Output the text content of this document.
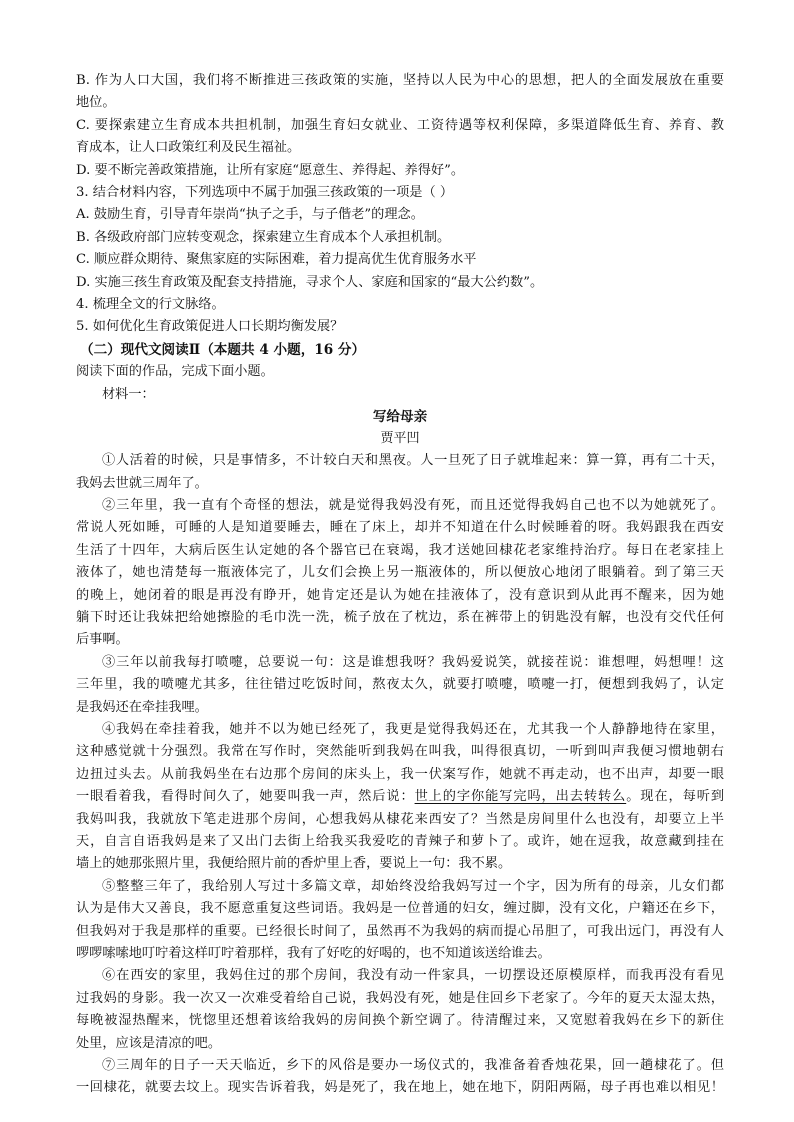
B. 作为人口大国，我们将不断推进三孩政策的实施，坚持以人民为中心的思想，把人的全面发展放在重要

地位。

C. 要探索建立生育成本共担机制，加强生育妇女就业、工资待遇等权利保障，多渠道降低生育、养育、教

育成本，让人口政策红利及民生福祉。

D. 要不断完善政策措施，让所有家庭“愿意生、养得起、养得好”。

3. 结合材料内容，下列选项中不属于加强三孩政策的一项是（ ）

A. 鼓励生育，引导青年崇尚“执子之手，与子偕老”的理念。

B. 各级政府部门应转变观念，探索建立生育成本个人承担机制。

C. 顺应群众期待、聚焦家庭的实际困难，着力提高优生优育服务水平

D. 实施三孩生育政策及配套支持措施，寻求个人、家庭和国家的“最大公约数”。

4. 梳理全文的行文脉络。

5. 如何优化生育政策促进人口长期均衡发展？

（二）现代文阅读Ⅱ（本题共 4 小题，16 分）

阅读下面的作品，完成下面小题。

材料一：

写给母亲

贾平凹

①人活着的时候，只是事情多，不计较白天和黑夜。人一旦死了日子就堆起来：算一算，再有二十天，

我妈去世就三周年了。

②三年里，我一直有个奇怪的想法，就是觉得我妈没有死，而且还觉得我妈自己也不以为她就死了。

常说人死如睡，可睡的人是知道要睡去，睡在了床上，却并不知道在什么时候睡着的呀。我妈跟我在西安

生活了十四年，大病后医生认定她的各个器官已在衰竭，我才送她回棣花老家维持治疗。每日在老家挂上

液体了，她也清楚每一瓶液体完了，儿女们会换上另一瓶液体的，所以便放心地闭了眼躺着。到了第三天

的晚上，她闭着的眼是再没有睁开，她肯定还是认为她在挂液体了，没有意识到从此再不醒来，因为她

躺下时还让我妹把给她擦脸的毛巾洗一洗，梳子放在了枕边，系在裤带上的钥匙没有解，也没有交代任何

后事啊。

③三年以前我每打喷嚏，总要说一句：这是谁想我呀？我妈爱说笑，就接茬说：谁想哩，妈想哩！这

三年里，我的喷嚏尤其多，往往错过吃饭时间，熬夜太久，就要打喷嚏，喷嚏一打，便想到我妈了，认定

是我妈还在牵挂我哩。

④我妈在牵挂着我，她并不以为她已经死了，我更是觉得我妈还在，尤其我一个人静静地待在家里，

这种感觉就十分强烈。我常在写作时，突然能听到我妈在叫我，叫得很真切，一听到叫声我便习惯地朝右

边扭过头去。从前我妈坐在右边那个房间的床头上，我一伏案写作，她就不再走动，也不出声，却要一眼

一眼看着我，看得时间久了，她要叫我一声，然后说：世上的字你能写完吗，出去转转么。现在，每听到

我妈叫我，我就放下笔走进那个房间，心想我妈从棣花来西安了？当然是房间里什么也没有，却要立上半

天，自言自语我妈是来了又出门去街上给我买我爱吃的青辣子和萝卜了。或许，她在逗我，故意藏到挂在

墙上的她那张照片里，我便给照片前的香炉里上香，要说上一句：我不累。

⑤整整三年了，我给别人写过十多篇文章，却始终没给我妈写过一个字，因为所有的母亲，儿女们都

认为是伟大又善良，我不愿意重复这些词语。我妈是一位普通的妇女，缠过脚，没有文化，户籍还在乡下，

但我妈对于我是那样的重要。已经很长时间了，虽然再不为我妈的病而提心吊胆了，可我出远门，再没有人

啰啰嗦嗦地叮咛着这样叮咛着那样，我有了好吃的好喝的，也不知道该送给谁去。

⑥在西安的家里，我妈住过的那个房间，我没有动一件家具，一切摆设还原模原样，而我再没有看见

过我妈的身影。我一次又一次难受着给自己说，我妈没有死，她是住回乡下老家了。今年的夏天太湿太热，

每晚被湿热醒来，恍惚里还想着该给我妈的房间换个新空调了。待清醒过来，又宽慰着我妈在乡下的新住

处里，应该是清凉的吧。

⑦三周年的日子一天天临近，乡下的风俗是要办一场仪式的，我准备着香烛花果，回一趟棣花了。但

一回棣花，就要去坟上。现实告诉着我，妈是死了，我在地上，她在地下，阴阳两隔，母子再也难以相见！
